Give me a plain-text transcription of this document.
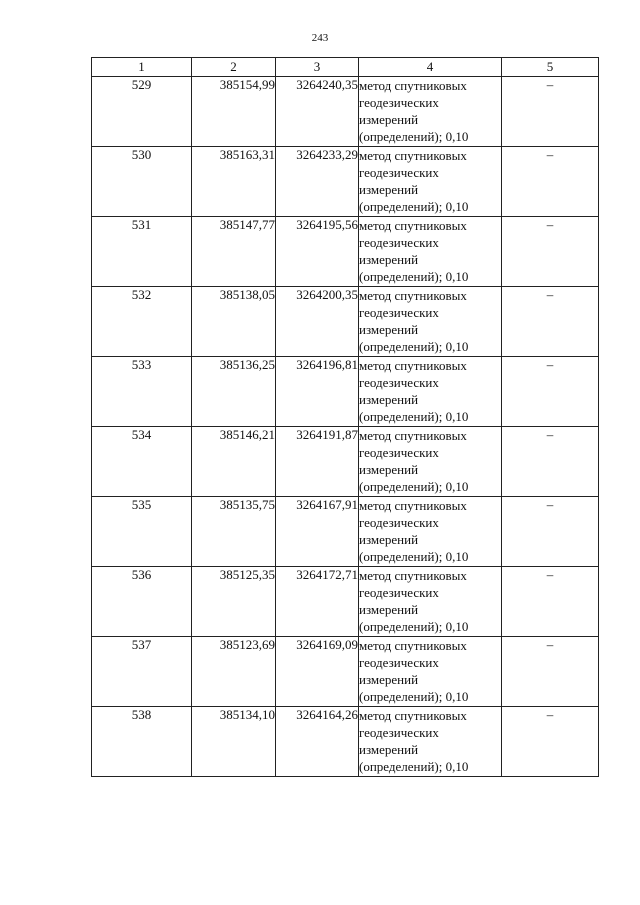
243
1	2	3	4	5
529	385154,99	3264240,35	метод спутниковых
геодезических
измерений
(определений); 0,10	–
530	385163,31	3264233,29	метод спутниковых
геодезических
измерений
(определений); 0,10	–
531	385147,77	3264195,56	метод спутниковых
геодезических
измерений
(определений); 0,10	–
532	385138,05	3264200,35	метод спутниковых
геодезических
измерений
(определений); 0,10	–
533	385136,25	3264196,81	метод спутниковых
геодезических
измерений
(определений); 0,10	–
534	385146,21	3264191,87	метод спутниковых
геодезических
измерений
(определений); 0,10	–
535	385135,75	3264167,91	метод спутниковых
геодезических
измерений
(определений); 0,10	–
536	385125,35	3264172,71	метод спутниковых
геодезических
измерений
(определений); 0,10	–
537	385123,69	3264169,09	метод спутниковых
геодезических
измерений
(определений); 0,10	–
538	385134,10	3264164,26	метод спутниковых
геодезических
измерений
(определений); 0,10	–
